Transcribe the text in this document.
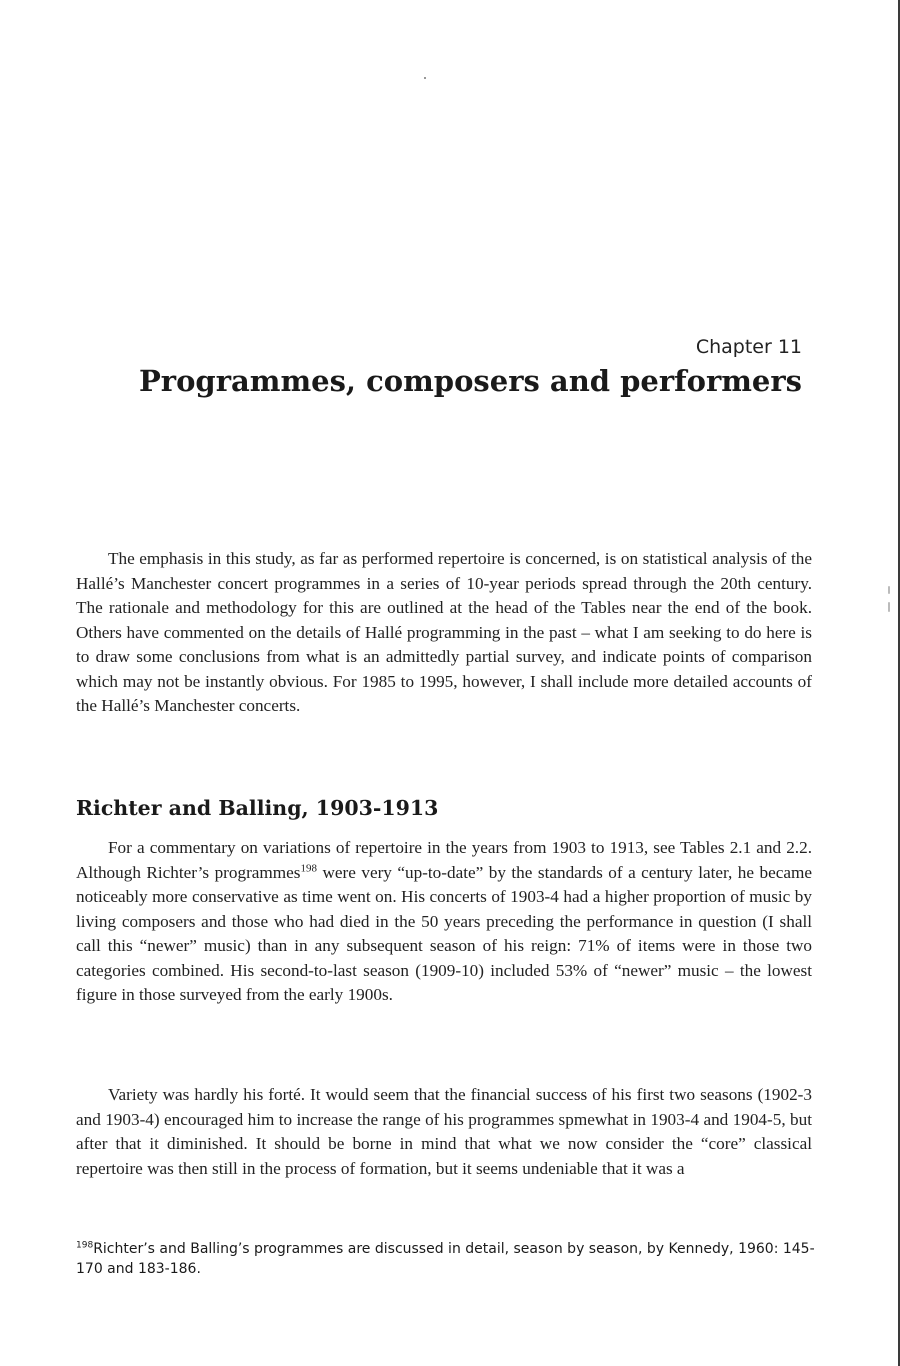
Chapter 11
Programmes, composers and performers

The emphasis in this study, as far as performed repertoire is concerned, is on statistical analysis of the Hallé’s Manchester concert programmes in a series of 10-year periods spread through the 20th century. The rationale and methodology for this are outlined at the head of the Tables near the end of the book. Others have commented on the details of Hallé programming in the past – what I am seeking to do here is to draw some conclusions from what is an admittedly partial survey, and indicate points of comparison which may not be instantly obvious. For 1985 to 1995, however, I shall include more detailed accounts of the Hallé’s Manchester concerts.

Richter and Balling, 1903-1913

For a commentary on variations of repertoire in the years from 1903 to 1913, see Tables 2.1 and 2.2. Although Richter’s programmes$^{198}$ were very “up-to-date” by the standards of a century later, he became noticeably more conservative as time went on. His concerts of 1903-4 had a higher proportion of music by living composers and those who had died in the 50 years preceding the performance in question (I shall call this “newer” music) than in any subsequent season of his reign: 71% of items were in those two categories combined. His second-to-last season (1909-10) included 53% of “newer” music – the lowest figure in those surveyed from the early 1900s.

Variety was hardly his forté. It would seem that the financial success of his first two seasons (1902-3 and 1903-4) encouraged him to increase the range of his programmes spmewhat in 1903-4 and 1904-5, but after that it diminished. It should be borne in mind that what we now consider the “core” classical repertoire was then still in the process of formation, but it seems undeniable that it was a

$^{198}$Richter’s and Balling’s programmes are discussed in detail, season by season, by Kennedy, 1960: 145-170 and 183-186.
